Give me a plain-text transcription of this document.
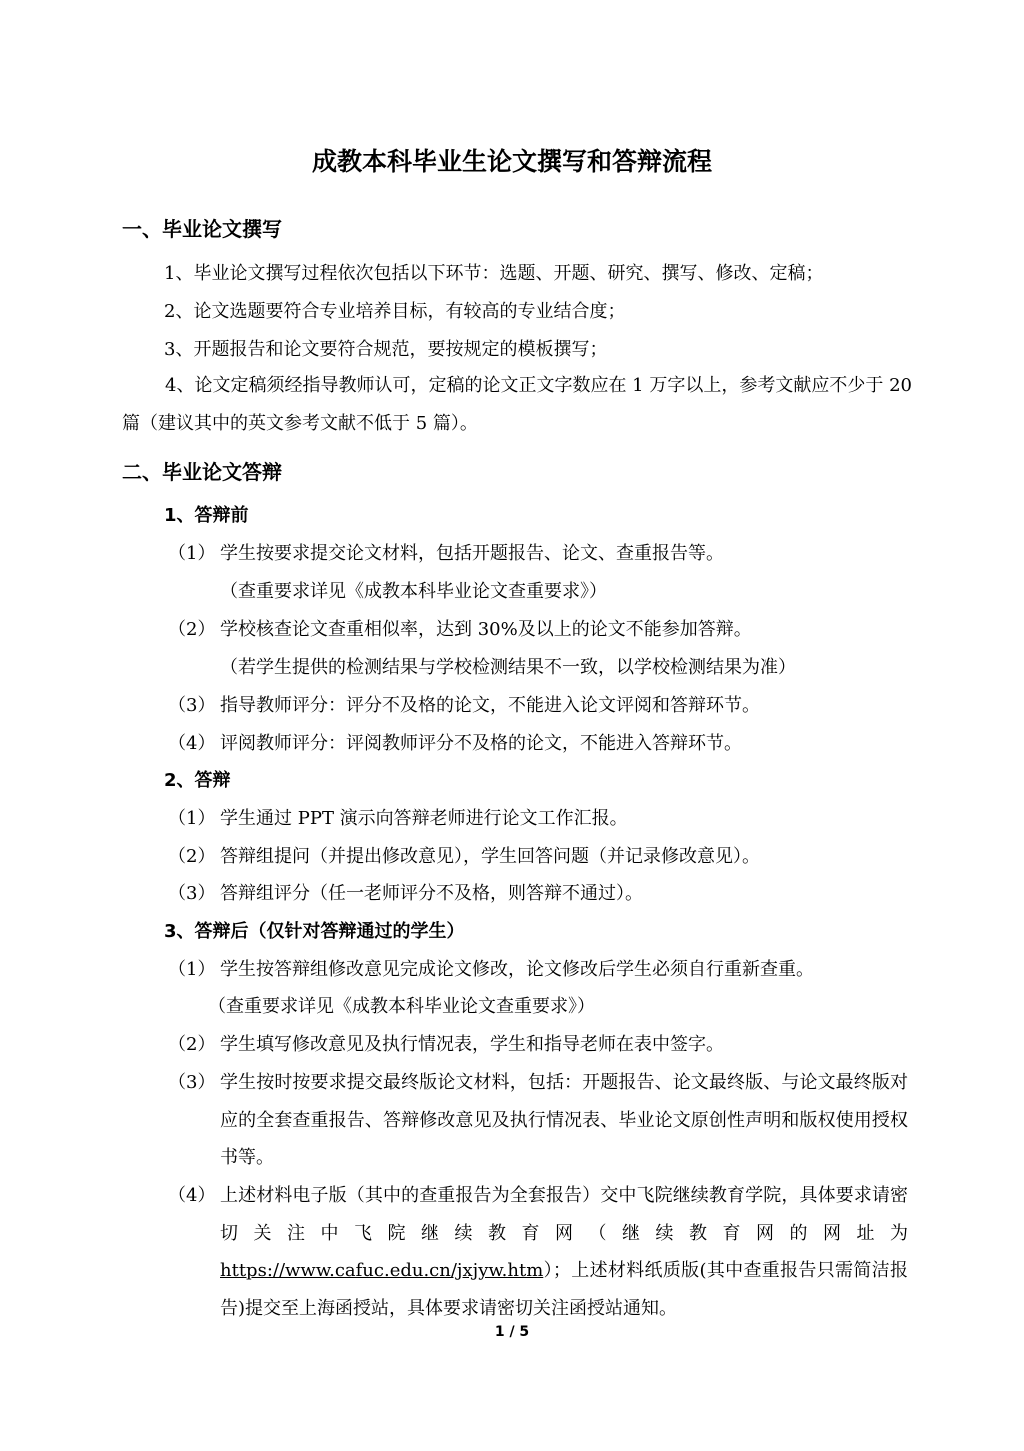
成教本科毕业生论文撰写和答辩流程
一、毕业论文撰写

1、毕业论文撰写过程依次包括以下环节：选题、开题、研究、撰写、修改、定稿；

2、论文选题要符合专业培养目标，有较高的专业结合度；

3、开题报告和论文要符合规范，要按规定的模板撰写；

4、论文定稿须经指导教师认可，定稿的论文正文字数应在 1 万字以上，参考文献应不少于 20 篇（建议其中的英文参考文献不低于 5 篇）。

二、毕业论文答辩

1、答辩前

（1） 学生按要求提交论文材料，包括开题报告、论文、查重报告等。

（查重要求详见《成教本科毕业论文查重要求》）

（2） 学校核查论文查重相似率，达到 30%及以上的论文不能参加答辩。

（若学生提供的检测结果与学校检测结果不一致，以学校检测结果为准）

（3） 指导教师评分：评分不及格的论文，不能进入论文评阅和答辩环节。

（4） 评阅教师评分：评阅教师评分不及格的论文，不能进入答辩环节。

2、答辩

（1） 学生通过 PPT 演示向答辩老师进行论文工作汇报。

（2） 答辩组提问（并提出修改意见），学生回答问题（并记录修改意见）。

（3） 答辩组评分（任一老师评分不及格，则答辩不通过）。

3、答辩后（仅针对答辩通过的学生）

（1） 学生按答辩组修改意见完成论文修改，论文修改后学生必须自行重新查重。

（查重要求详见《成教本科毕业论文查重要求》）

（2） 学生填写修改意见及执行情况表，学生和指导老师在表中签字。

（3） 学生按时按要求提交最终版论文材料，包括：开题报告、论文最终版、与论文最终版对应的全套查重报告、答辩修改意见及执行情况表、毕业论文原创性声明和版权使用授权书等。
（4） 上述材料电子版（其中的查重报告为全套报告）交中飞院继续教育学院，具体要求请密切关注中飞院继续教育网（继续教育网的网址为https://www.cafuc.edu.cn/jxjyw.htm）；上述材料纸质版(其中查重报告只需简洁报告)提交至上海函授站，具体要求请密切关注函授站通知。
1 / 5
